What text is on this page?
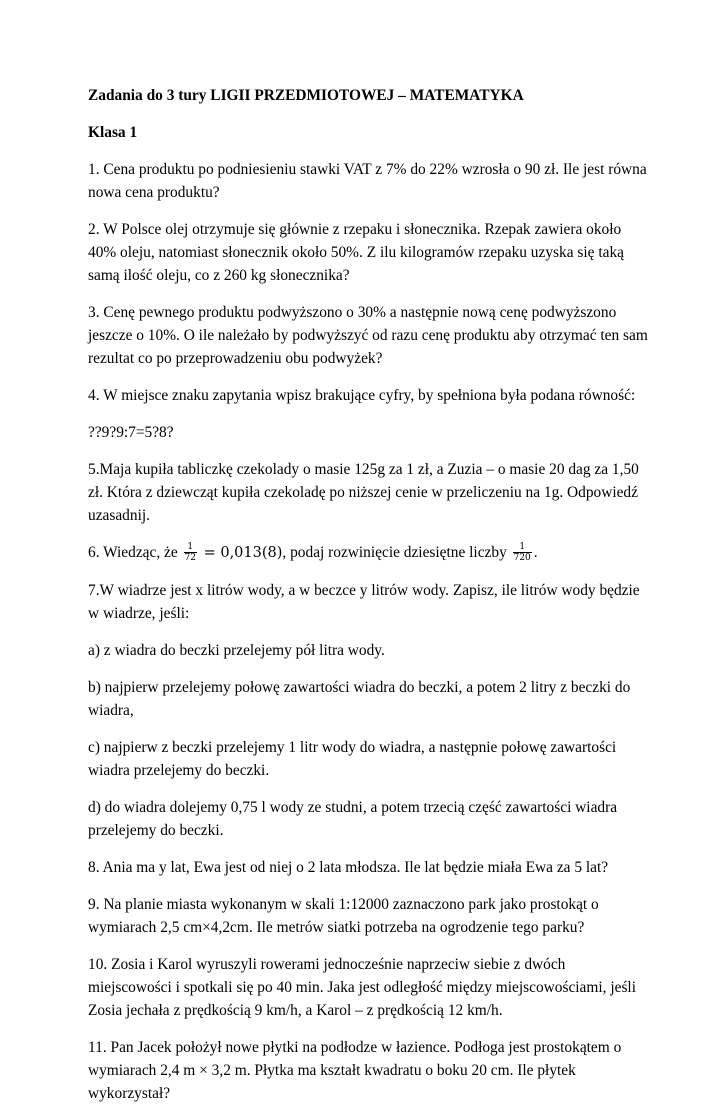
Zadania do 3 tury LIGII PRZEDMIOTOWEJ – MATEMATYKA

Klasa 1

1. Cena produktu po podniesieniu stawki VAT z 7% do 22% wzrosła o 90 zł. Ile jest równa nowa cena produktu?

2. W Polsce olej otrzymuje się głównie z rzepaku i słonecznika. Rzepak zawiera około 40% oleju, natomiast słonecznik około 50%. Z ilu kilogramów rzepaku uzyska się taką samą ilość oleju, co z 260 kg słonecznika?

3. Cenę pewnego produktu podwyższono o 30% a następnie nową cenę podwyższono jeszcze o 10%. O ile należało by podwyższyć od razu cenę produktu aby otrzymać ten sam rezultat co po przeprowadzeniu obu podwyżek?

4. W miejsce znaku zapytania wpisz brakujące cyfry, by spełniona była podana równość:

??9?9:7=5?8?

5.Maja kupiła tabliczkę czekolady o masie 125g za 1 zł, a Zuzia – o masie 20 dag za 1,50 zł. Która z dziewcząt kupiła czekoladę po niższej cenie w przeliczeniu na 1g. Odpowiedź uzasadnij.

6. Wiedząc, że $\frac{1}{72} = 0,013(8)$, podaj rozwinięcie dziesiętne liczby $\frac{1}{720}$ .

7.W wiadrze jest x litrów wody, a w beczce y litrów wody. Zapisz, ile litrów wody będzie w wiadrze, jeśli:

a) z wiadra do beczki przelejemy pół litra wody.

b) najpierw przelejemy połowę zawartości wiadra do beczki, a potem 2 litry z beczki do wiadra,

c) najpierw z beczki przelejemy 1 litr wody do wiadra, a następnie połowę zawartości wiadra przelejemy do beczki.

d) do wiadra dolejemy 0,75 l wody ze studni, a potem trzecią część zawartości wiadra przelejemy do beczki.

8. Ania ma y lat, Ewa jest od niej o 2 lata młodsza. Ile lat będzie miała Ewa za 5 lat?

9. Na planie miasta wykonanym w skali 1:12000 zaznaczono park jako prostokąt o wymiarach 2,5 cm×4,2cm. Ile metrów siatki potrzeba na ogrodzenie tego parku?

10. Zosia i Karol wyruszyli rowerami jednocześnie naprzeciw siebie z dwóch miejscowości i spotkali się po 40 min. Jaka jest odległość między miejscowościami, jeśli Zosia jechała z prędkością 9 km/h, a Karol – z prędkością 12 km/h.

11. Pan Jacek położył nowe płytki na podłodze w łazience. Podłoga jest prostokątem o wymiarach 2,4 m × 3,2 m. Płytka ma kształt kwadratu o boku 20 cm. Ile płytek wykorzystał?
